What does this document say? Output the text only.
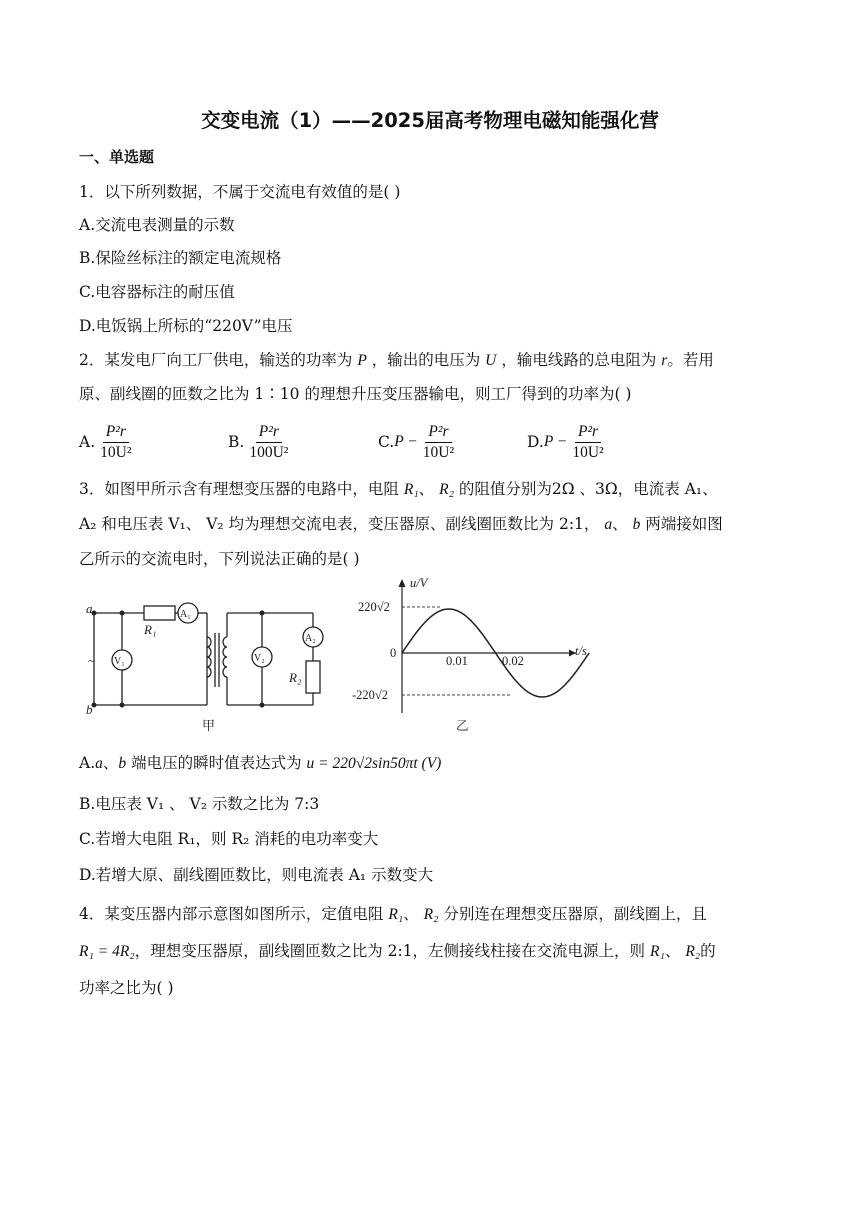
交变电流（1）——2025届高考物理电磁知能强化营
一、单选题
1．以下所列数据，不属于交流电有效值的是( )
A.交流电表测量的示数
B.保险丝标注的额定电流规格
C.电容器标注的耐压值
D.电饭锅上所标的“220V”电压
2．某发电厂向工厂供电，输送的功率为 P ，输出的电压为 U ，输电线路的总电阻为 r。若用
原、副线圈的匝数之比为 1∶10 的理想升压变压器输电，则工厂得到的功率为( )
A. $\frac{\text{P²r}}{\text{10U²}}$	B. $\frac{\text{P²r}}{\text{100U²}}$	C. $P - \frac{\text{P²r}}{\text{10U²}}$	D. $P - \frac{\text{P²r}}{\text{10U²}}$
3．如图甲所示含有理想变压器的电路中，电阻 R₁、 R₂ 的阻值分别为2Ω 、3Ω，电流表 A₁、
A₂ 和电压表 V₁、 V₂ 均为理想交流电表，变压器原、副线圈匝数比为 2:1， a、 b 两端接如图
乙所示的交流电时，下列说法正确的是( )
a
b
~
R₁
A₁
V₁	V₂
A₂
R₂
甲
u/V
t/s
220√2
-220√2
0
0.01	0.02
乙
A.a、b 端电压的瞬时值表达式为 u = 220√2sin50πt (V)
B.电压表 V₁ 、 V₂ 示数之比为 7:3
C.若增大电阻 R₁，则 R₂ 消耗的电功率变大
D.若增大原、副线圈匝数比，则电流表 A₁ 示数变大
4．某变压器内部示意图如图所示，定值电阻 R₁、 R₂ 分别连在理想变压器原，副线圈上，且
R₁ = 4R₂，理想变压器原，副线圈匝数之比为 2:1，左侧接线柱接在交流电源上，则 R₁、 R₂的
功率之比为( )
